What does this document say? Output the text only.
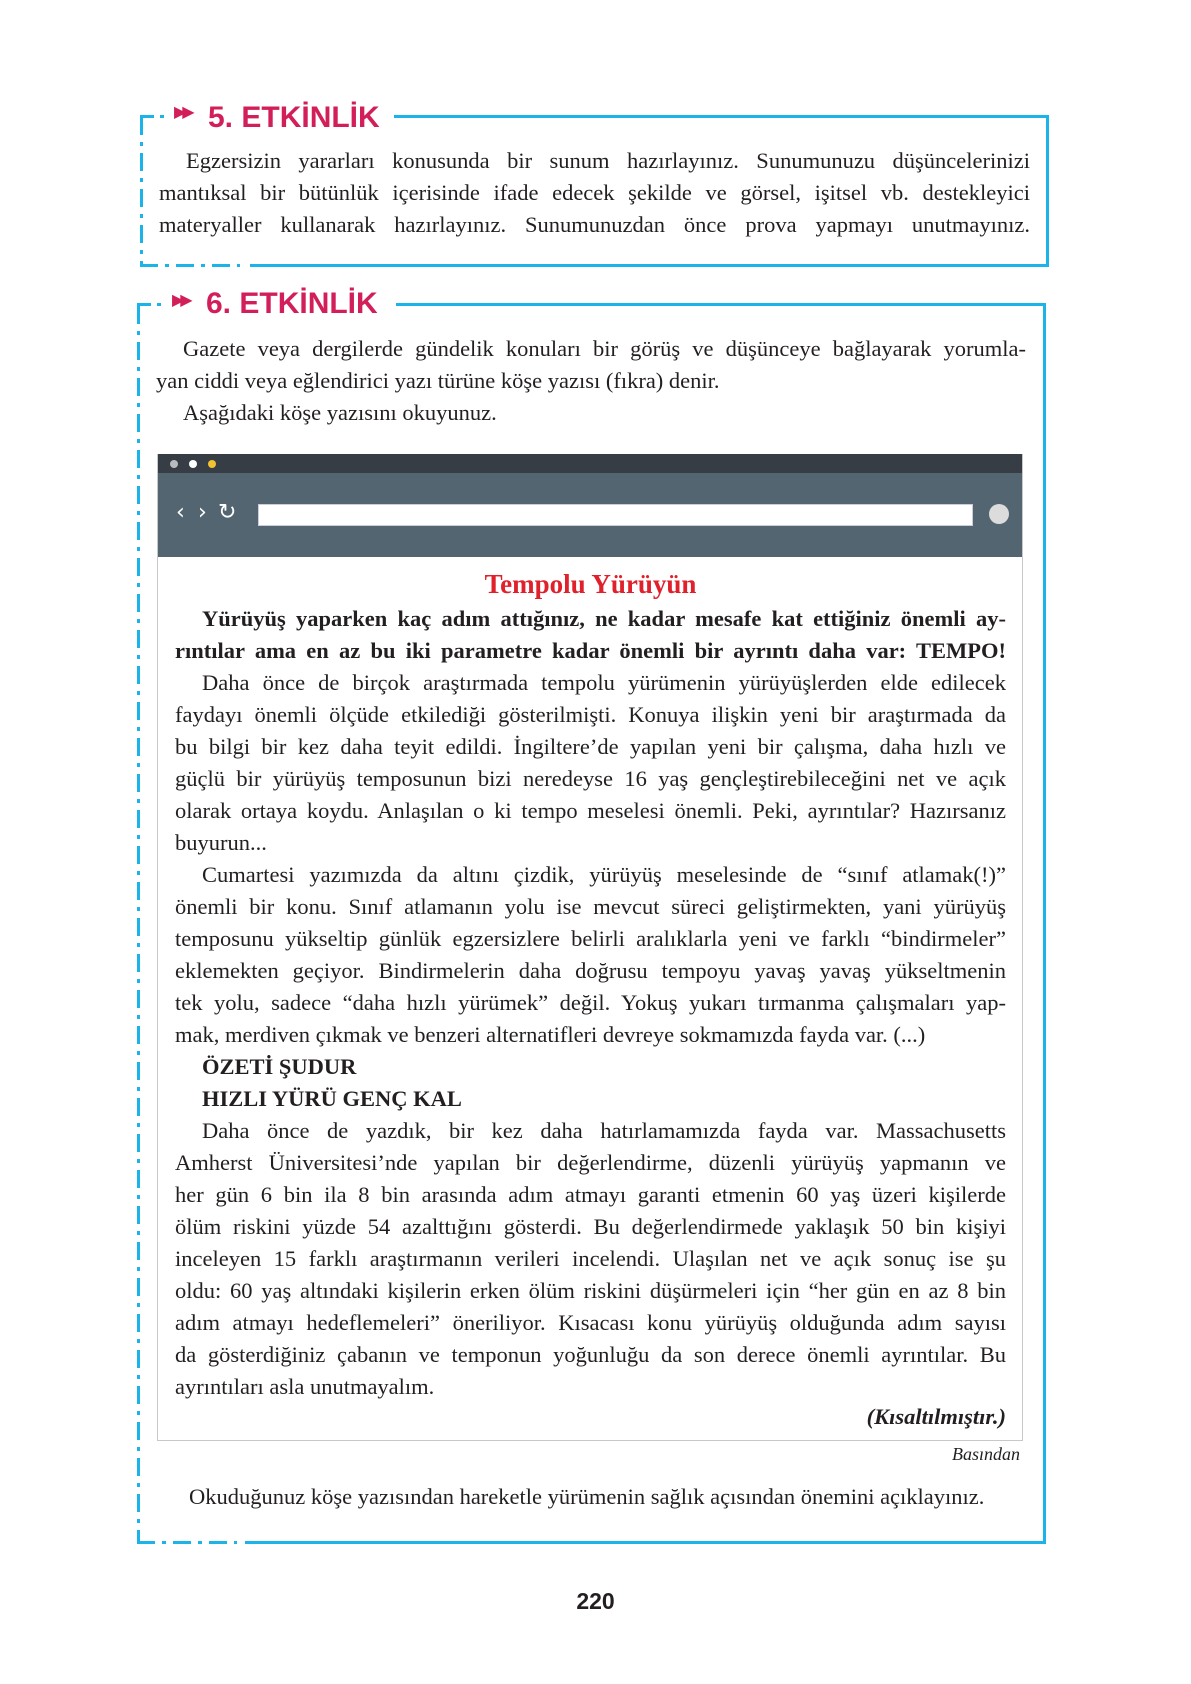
▶▶ 5. ETKİNLİK
Egzersizin yararları konusunda bir sunum hazırlayınız. Sunumunuzu düşüncelerinizi
mantıksal bir bütünlük içerisinde ifade edecek şekilde ve görsel, işitsel vb. destekleyici
materyaller kullanarak hazırlayınız. Sunumunuzdan önce prova yapmayı unutmayınız.
▶▶ 6. ETKİNLİK
Gazete veya dergilerde gündelik konuları bir görüş ve düşünceye bağlayarak yorumla-
yan ciddi veya eğlendirici yazı türüne köşe yazısı (fıkra) denir.
Aşağıdaki köşe yazısını okuyunuz.
‹ › ↻
Tempolu Yürüyün
Yürüyüş yaparken kaç adım attığınız, ne kadar mesafe kat ettiğiniz önemli ay-
rıntılar ama en az bu iki parametre kadar önemli bir ayrıntı daha var: TEMPO!
Daha önce de birçok araştırmada tempolu yürümenin yürüyüşlerden elde edilecek
faydayı önemli ölçüde etkilediği gösterilmişti. Konuya ilişkin yeni bir araştırmada da
bu bilgi bir kez daha teyit edildi. İngiltere’de yapılan yeni bir çalışma, daha hızlı ve
güçlü bir yürüyüş temposunun bizi neredeyse 16 yaş gençleştirebileceğini net ve açık
olarak ortaya koydu. Anlaşılan o ki tempo meselesi önemli. Peki, ayrıntılar? Hazırsanız
buyurun...
Cumartesi yazımızda da altını çizdik, yürüyüş meselesinde de “sınıf atlamak(!)”
önemli bir konu. Sınıf atlamanın yolu ise mevcut süreci geliştirmekten, yani yürüyüş
temposunu yükseltip günlük egzersizlere belirli aralıklarla yeni ve farklı “bindirmeler”
eklemekten geçiyor. Bindirmelerin daha doğrusu tempoyu yavaş yavaş yükseltmenin
tek yolu, sadece “daha hızlı yürümek” değil. Yokuş yukarı tırmanma çalışmaları yap-
mak, merdiven çıkmak ve benzeri alternatifleri devreye sokmamızda fayda var. (...)
ÖZETİ ŞUDUR
HIZLI YÜRÜ GENÇ KAL
Daha önce de yazdık, bir kez daha hatırlamamızda fayda var. Massachusetts
Amherst Üniversitesi’nde yapılan bir değerlendirme, düzenli yürüyüş yapmanın ve
her gün 6 bin ila 8 bin arasında adım atmayı garanti etmenin 60 yaş üzeri kişilerde
ölüm riskini yüzde 54 azalttığını gösterdi. Bu değerlendirmede yaklaşık 50 bin kişiyi
inceleyen 15 farklı araştırmanın verileri incelendi. Ulaşılan net ve açık sonuç ise şu
oldu: 60 yaş altındaki kişilerin erken ölüm riskini düşürmeleri için “her gün en az 8 bin
adım atmayı hedeflemeleri” öneriliyor. Kısacası konu yürüyüş olduğunda adım sayısı
da gösterdiğiniz çabanın ve temponun yoğunluğu da son derece önemli ayrıntılar. Bu
ayrıntıları asla unutmayalım.
(Kısaltılmıştır.)
Basından
Okuduğunuz köşe yazısından hareketle yürümenin sağlık açısından önemini açıklayınız.
220
